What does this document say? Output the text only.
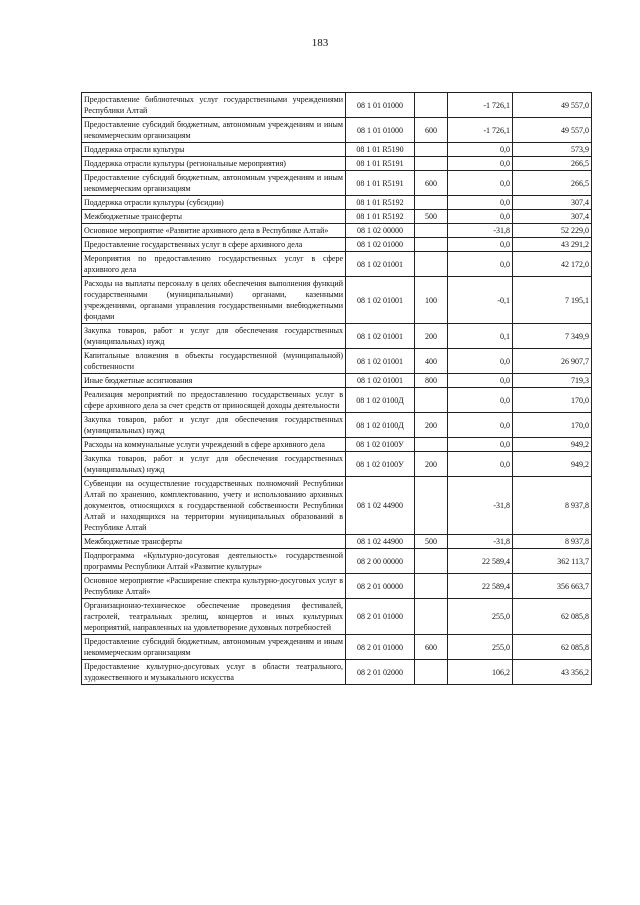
183
Предоставление библиотечных услуг государственными учреждениями Республики Алтай	08 1 01 01000		-1 726,1	49 557,0
Предоставление субсидий бюджетным, автономным учреждениям и иным некоммерческим организациям	08 1 01 01000	600	-1 726,1	49 557,0
Поддержка отрасли культуры	08 1 01 R5190		0,0	573,9
Поддержка отрасли культуры (региональные мероприятия)	08 1 01 R5191		0,0	266,5
Предоставление субсидий бюджетным, автономным учреждениям и иным некоммерческим организациям	08 1 01 R5191	600	0,0	266,5
Поддержка отрасли культуры (субсидии)	08 1 01 R5192		0,0	307,4
Межбюджетные трансферты	08 1 01 R5192	500	0,0	307,4
Основное мероприятие «Развитие архивного дела в Республике Алтай»	08 1 02 00000		-31,8	52 229,0
Предоставление государственных услуг в сфере архивного дела	08 1 02 01000		0,0	43 291,2
Мероприятия по предоставлению государственных услуг в сфере архивного дела	08 1 02 01001		0,0	42 172,0
Расходы на выплаты персоналу в целях обеспечения выполнения функций государственными (муниципальными) органами, казенными учреждениями, органами управления государственными внебюджетными фондами	08 1 02 01001	100	-0,1	7 195,1
Закупка товаров, работ и услуг для обеспечения государственных (муниципальных) нужд	08 1 02 01001	200	0,1	7 349,9
Капитальные вложения в объекты государственной (муниципальной) собственности	08 1 02 01001	400	0,0	26 907,7
Иные бюджетные ассигнования	08 1 02 01001	800	0,0	719,3
Реализация мероприятий по предоставлению государственных услуг в сфере архивного дела за счет средств от приносящей доходы деятельности	08 1 02 0100Д		0,0	170,0
Закупка товаров, работ и услуг для обеспечения государственных (муниципальных) нужд	08 1 02 0100Д	200	0,0	170,0
Расходы на коммунальные услуги учреждений в сфере архивного дела	08 1 02 0100У		0,0	949,2
Закупка товаров, работ и услуг для обеспечения государственных (муниципальных) нужд	08 1 02 0100У	200	0,0	949,2
Субвенции на осуществление государственных полномочий Республики Алтай по хранению, комплектованию, учету и использованию архивных документов, относящихся к государственной собственности Республики Алтай и находящихся на территории муниципальных образований в Республике Алтай	08 1 02 44900		-31,8	8 937,8
Межбюджетные трансферты	08 1 02 44900	500	-31,8	8 937,8
Подпрограмма «Культурно-досуговая деятельность» государственной программы Республики Алтай «Развитие культуры»	08 2 00 00000		22 589,4	362 113,7
Основное мероприятие «Расширение спектра культурно-досуговых услуг в Республике Алтай»	08 2 01 00000		22 589,4	356 663,7
Организационно-техническое обеспечение проведения фестивалей, гастролей, театральных зрелищ, концертов и иных культурных мероприятий, направленных на удовлетворение духовных потребностей	08 2 01 01000		255,0	62 085,8
Предоставление субсидий бюджетным, автономным учреждениям и иным некоммерческим организациям	08 2 01 01000	600	255,0	62 085,8
Предоставление культурно-досуговых услуг в области театрального, художественного и музыкального искусства	08 2 01 02000		106,2	43 356,2
